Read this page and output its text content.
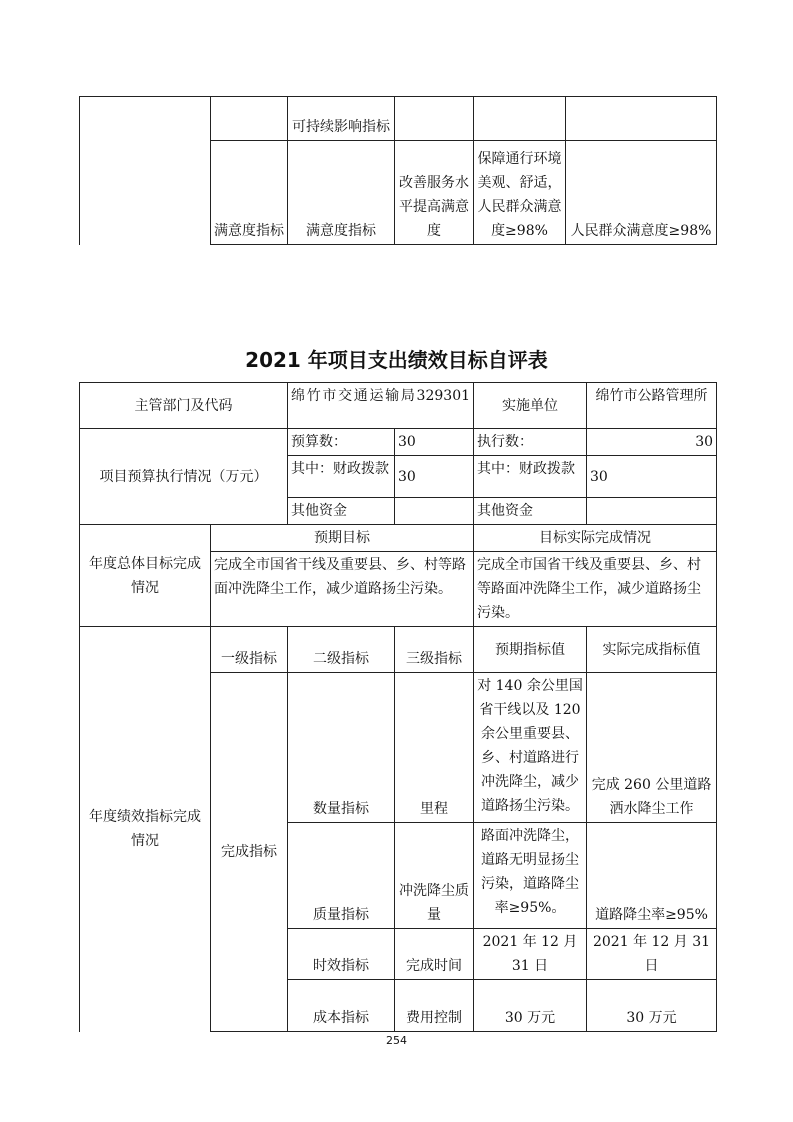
		可持续影响指标			
	满意度指标	满意度指标	改善服务水平提高满意度	保障通行环境美观、舒适，人民群众满意度≥98%	人民群众满意度≥98%
2021 年项目支出绩效目标自评表
主管部门及代码		绵竹市交通运输局329301		实施单位	绵竹市公路管理所
项目预算执行情况（万元）		预算数：	30	执行数：	30
		其中：财政拨款	30	其中：财政拨款	30
		其他资金		其他资金	
年度总体目标完成情况	预期目标			目标实际完成情况	
	完成全市国省干线及重要县、乡、村等路面冲洗降尘工作，减少道路扬尘污染。			完成全市国省干线及重要县、乡、村等路面冲洗降尘工作，减少道路扬尘污染。	
年度绩效指标完成情况	一级指标	二级指标	三级指标	预期指标值	实际完成指标值
	完成指标	数量指标	里程	对 140 余公里国省干线以及 120 余公里重要县、乡、村道路进行冲洗降尘，减少道路扬尘污染。	完成 260 公里道路洒水降尘工作
		质量指标	冲洗降尘质量	路面冲洗降尘，道路无明显扬尘污染，道路降尘率≥95%。	道路降尘率≥95%
		时效指标	完成时间	2021 年 12 月 31 日	2021 年 12 月 31 日
		成本指标	费用控制	30 万元	30 万元
254
